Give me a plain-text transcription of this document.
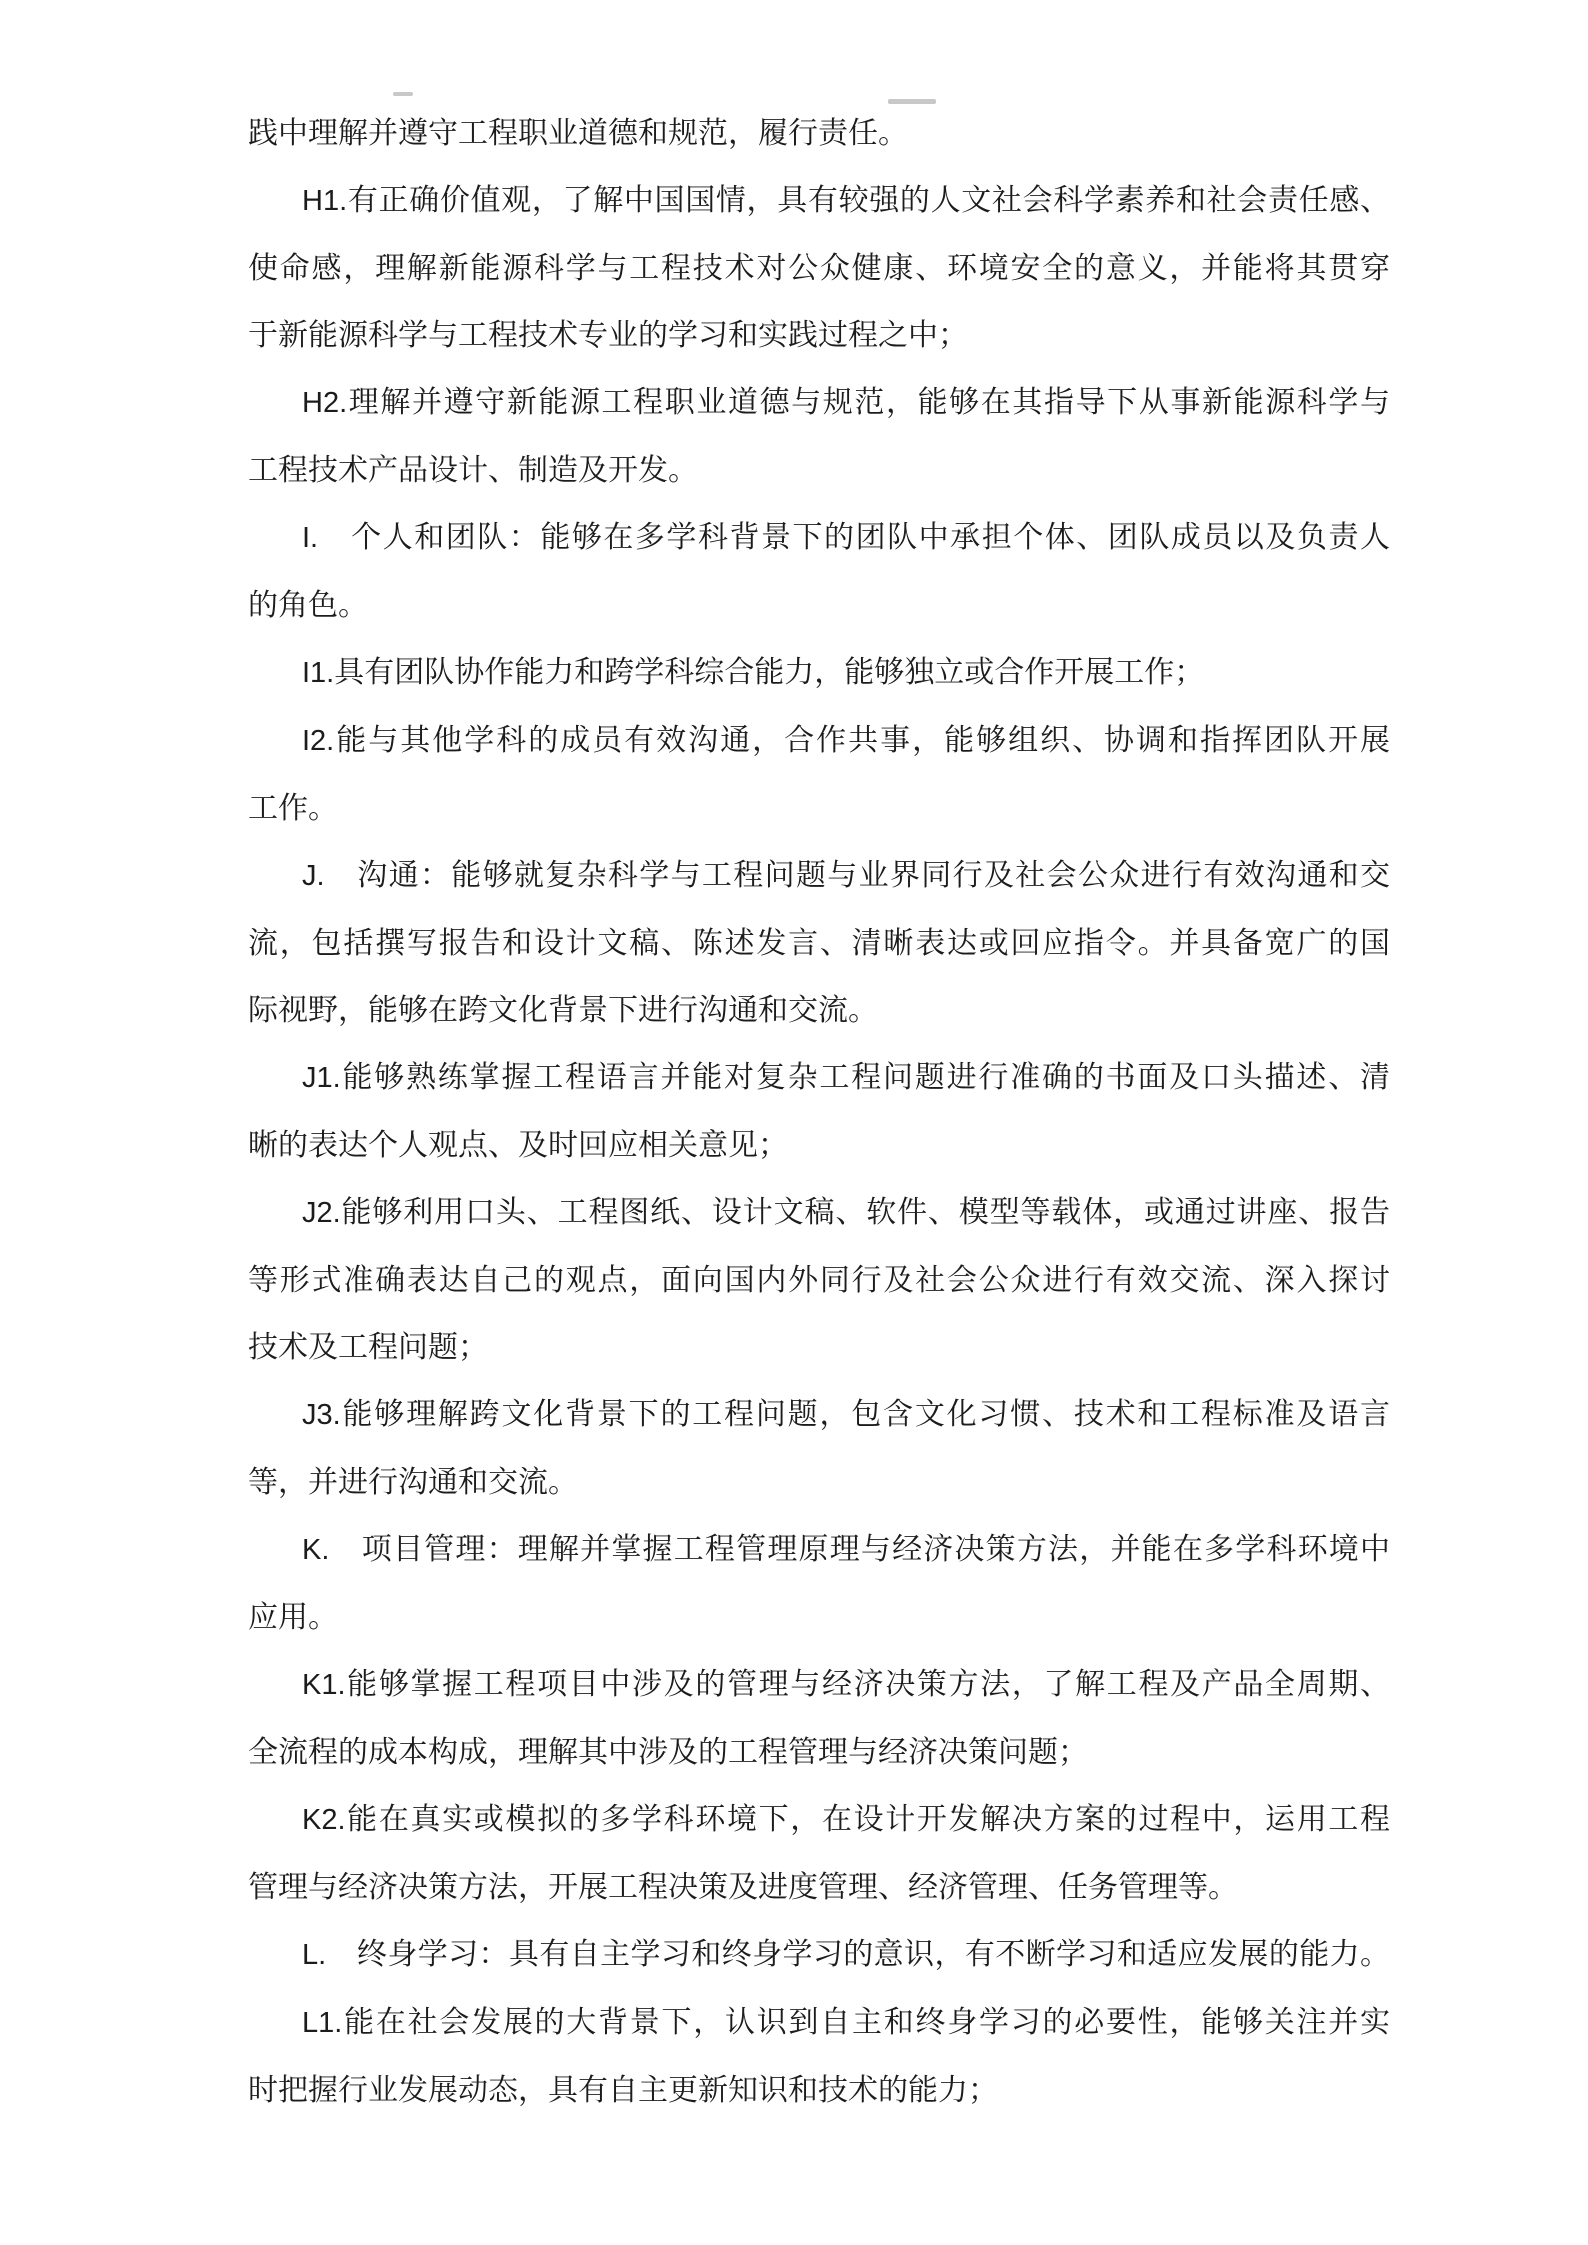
践中理解并遵守工程职业道德和规范，履行责任。

H1.有正确价值观，了解中国国情，具有较强的人文社会科学素养和社会责任感、

使命感，理解新能源科学与工程技术对公众健康、环境安全的意义，并能将其贯穿

于新能源科学与工程技术专业的学习和实践过程之中；

H2.理解并遵守新能源工程职业道德与规范，能够在其指导下从事新能源科学与

工程技术产品设计、制造及开发。

I.　个人和团队：能够在多学科背景下的团队中承担个体、团队成员以及负责人

的角色。

I1.具有团队协作能力和跨学科综合能力，能够独立或合作开展工作；

I2.能与其他学科的成员有效沟通，合作共事，能够组织、协调和指挥团队开展

工作。

J.　沟通：能够就复杂科学与工程问题与业界同行及社会公众进行有效沟通和交

流，包括撰写报告和设计文稿、陈述发言、清晰表达或回应指令。并具备宽广的国

际视野，能够在跨文化背景下进行沟通和交流。

J1.能够熟练掌握工程语言并能对复杂工程问题进行准确的书面及口头描述、清

晰的表达个人观点、及时回应相关意见；

J2.能够利用口头、工程图纸、设计文稿、软件、模型等载体，或通过讲座、报告

等形式准确表达自己的观点，面向国内外同行及社会公众进行有效交流、深入探讨

技术及工程问题；

J3.能够理解跨文化背景下的工程问题，包含文化习惯、技术和工程标准及语言

等，并进行沟通和交流。

K.　项目管理：理解并掌握工程管理原理与经济决策方法，并能在多学科环境中

应用。

K1.能够掌握工程项目中涉及的管理与经济决策方法，了解工程及产品全周期、

全流程的成本构成，理解其中涉及的工程管理与经济决策问题；

K2.能在真实或模拟的多学科环境下，在设计开发解决方案的过程中，运用工程

管理与经济决策方法，开展工程决策及进度管理、经济管理、任务管理等。

L.　终身学习：具有自主学习和终身学习的意识，有不断学习和适应发展的能力。

L1.能在社会发展的大背景下，认识到自主和终身学习的必要性，能够关注并实

时把握行业发展动态，具有自主更新知识和技术的能力；
